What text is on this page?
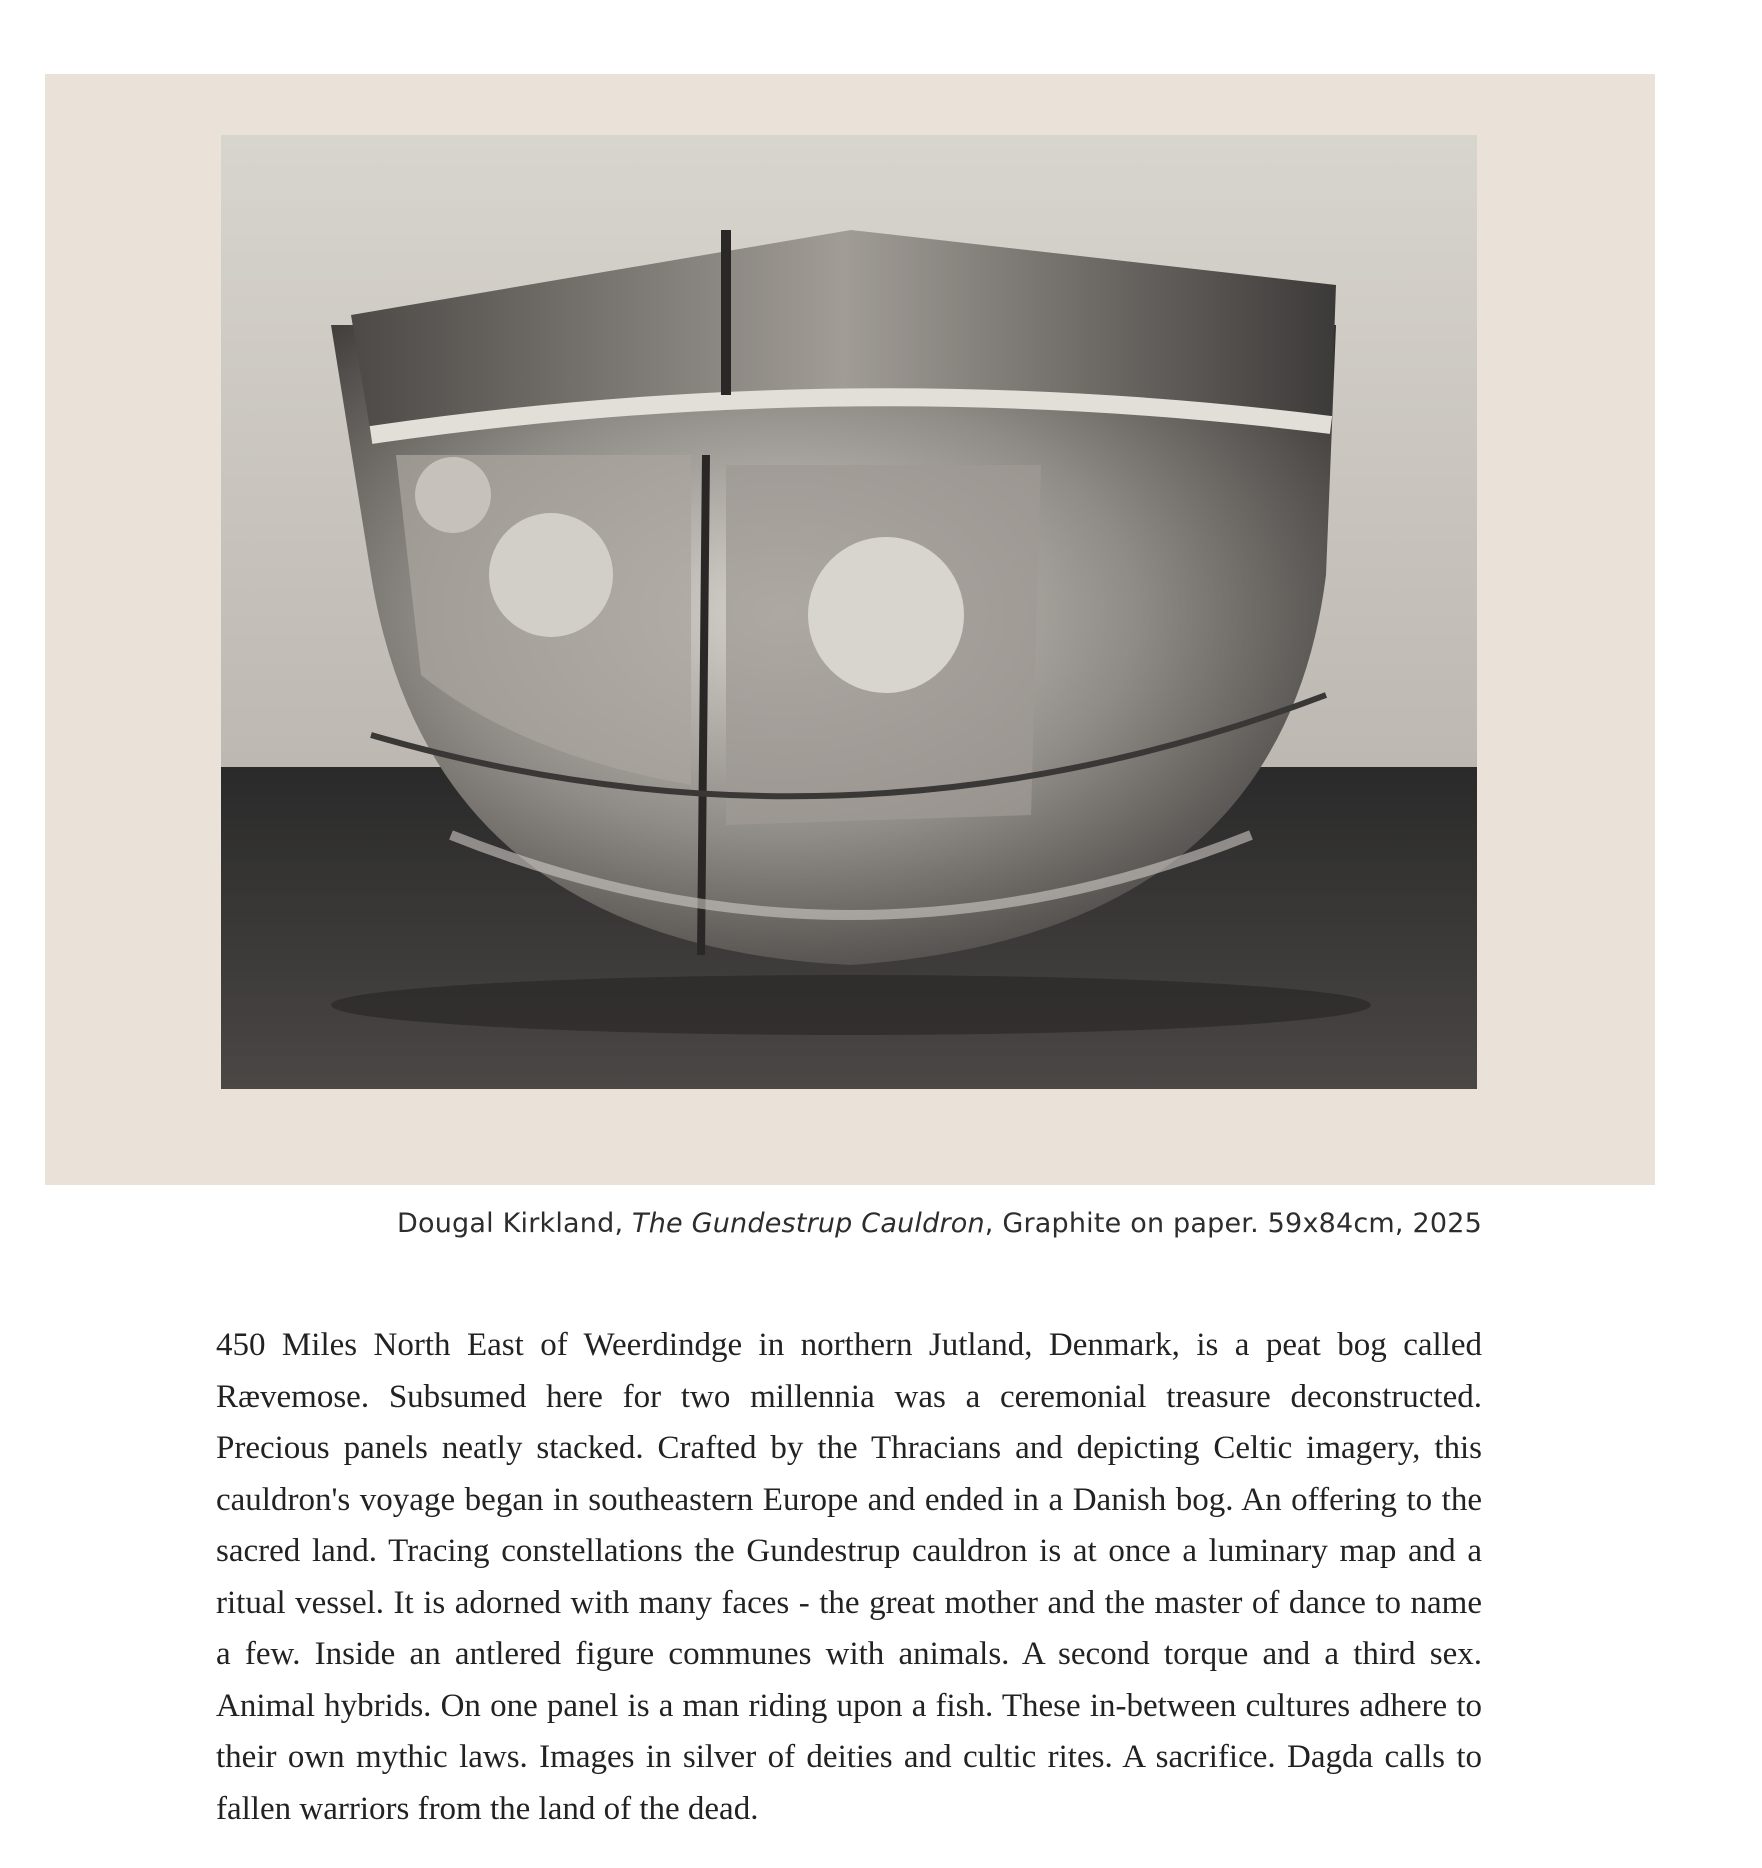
Dougal Kirkland, The Gundestrup Cauldron, Graphite on paper. 59x84cm, 2025

450 Miles North East of Weerdindge in northern Jutland, Denmark, is a peat bog called Rævemose. Subsumed here for two millennia was a ceremonial treasure deconstructed. Precious panels neatly stacked. Crafted by the Thracians and depicting Celtic imagery, this cauldron's voyage began in southeastern Europe and ended in a Danish bog. An offering to the sacred land. Tracing constellations the Gundestrup cauldron is at once a luminary map and a ritual vessel. It is adorned with many faces - the great mother and the master of dance to name a few. Inside an antlered figure communes with animals. A second torque and a third sex. Animal hybrids. On one panel is a man riding upon a fish. These in-between cultures adhere to their own mythic laws. Images in silver of deities and cultic rites. A sacrifice. Dagda calls to fallen warriors from the land of the dead.
